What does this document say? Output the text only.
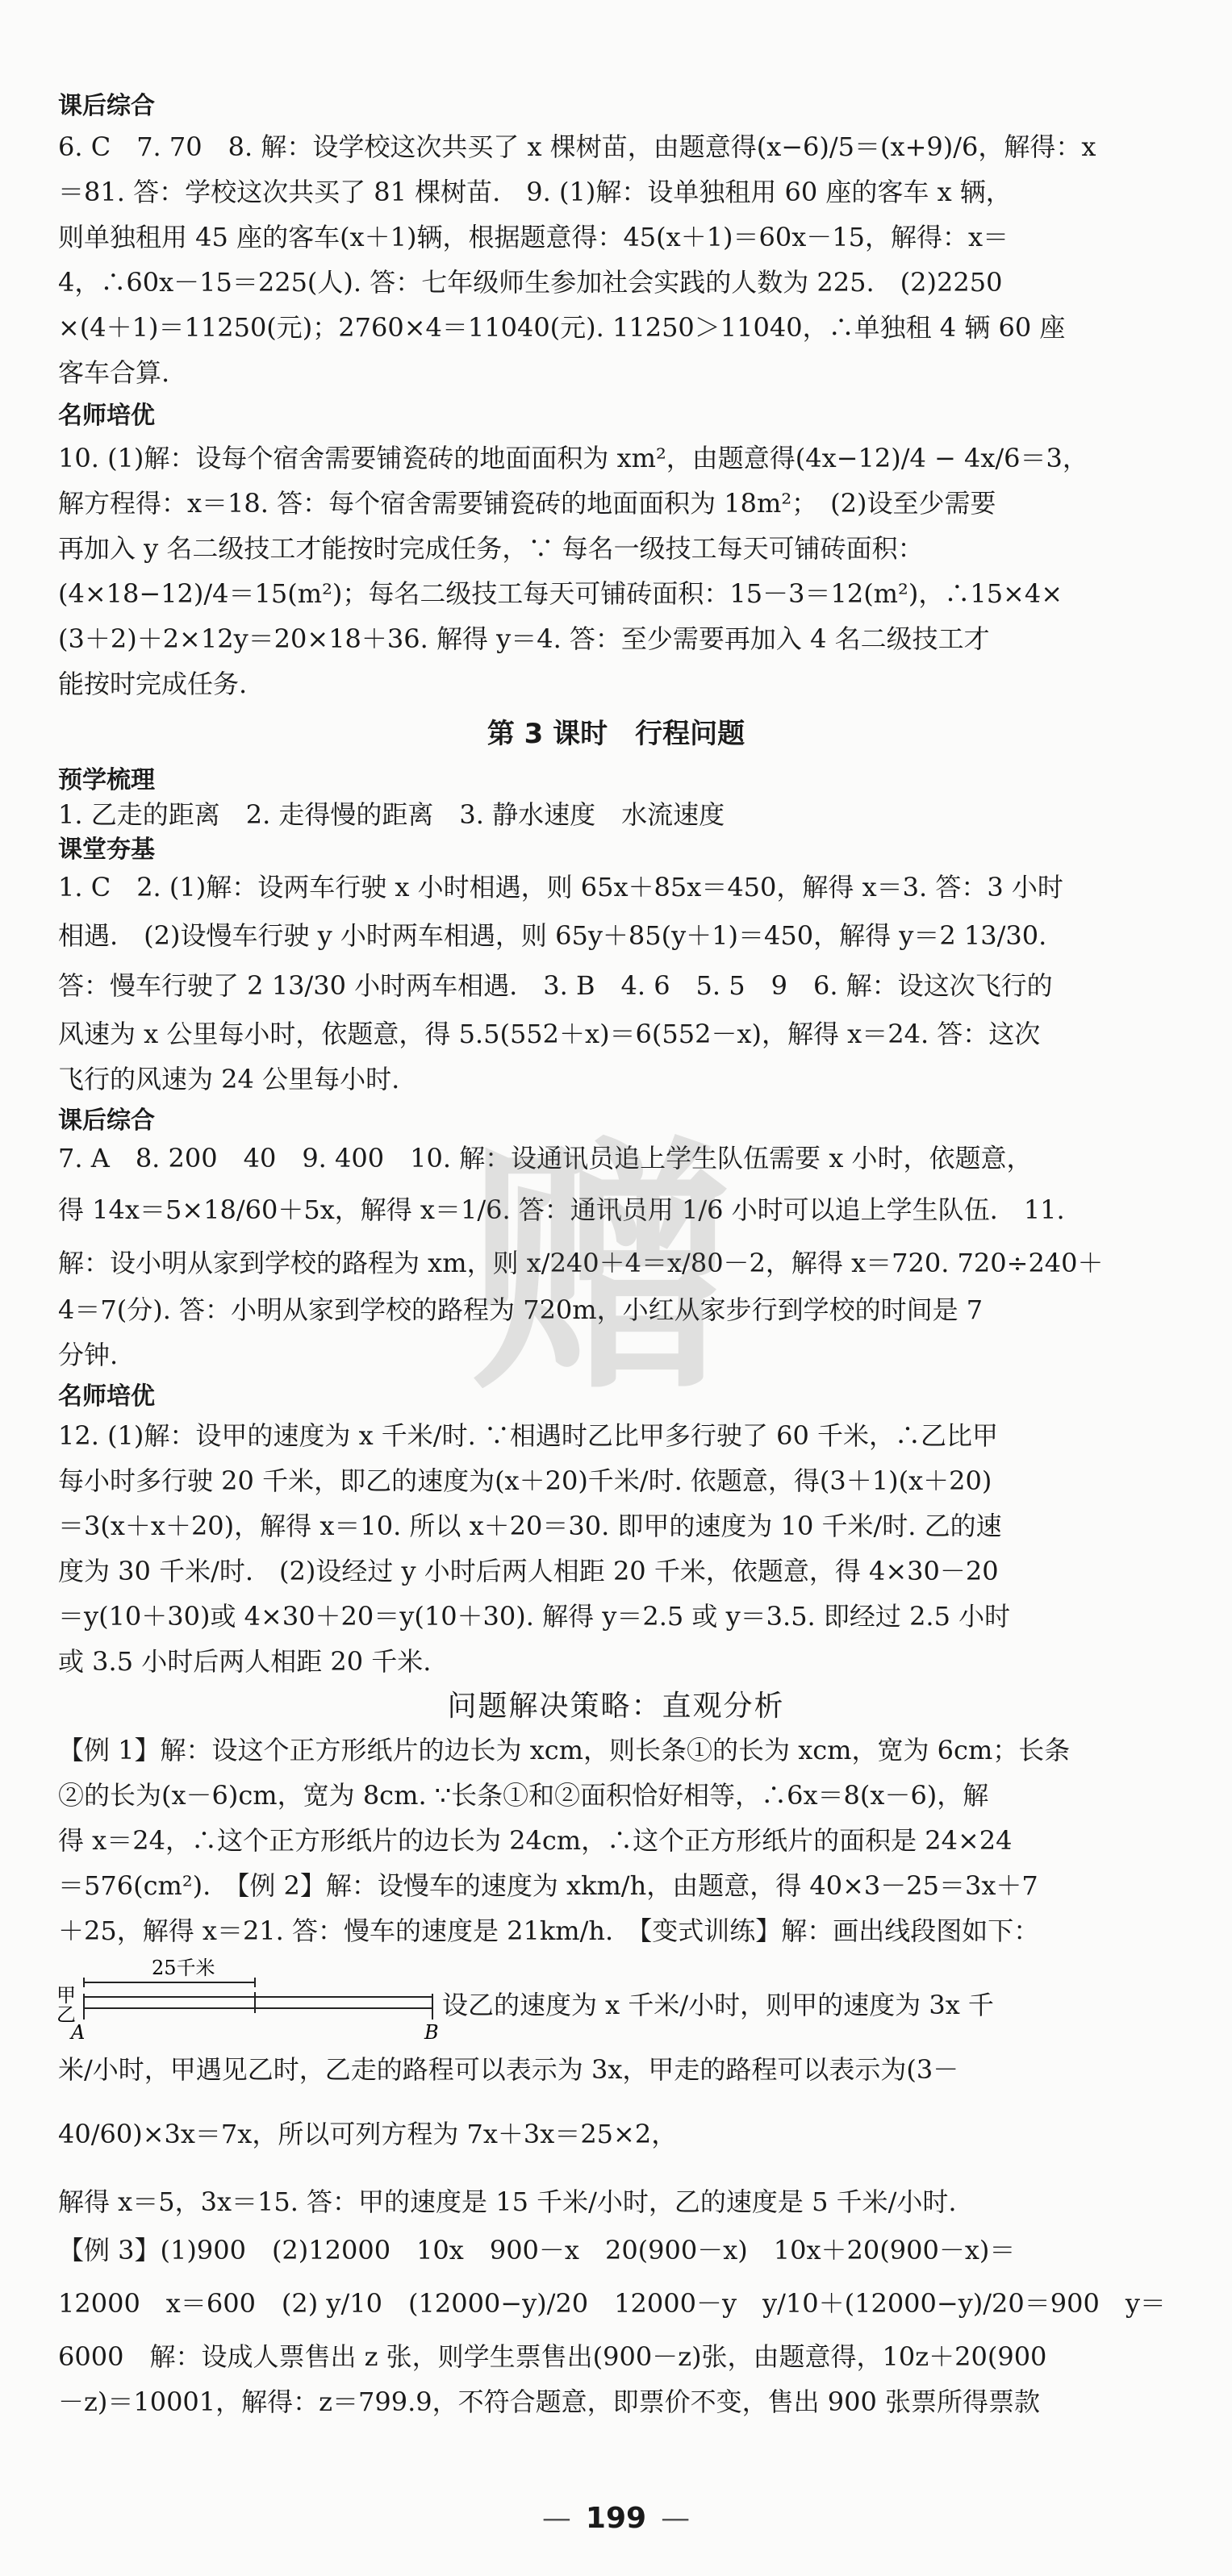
课后综合
6. C　7. 70　8. 解：设学校这次共买了 x 棵树苗，由题意得(x−6)/5＝(x+9)/6，解得：x
＝81. 答：学校这次共买了 81 棵树苗.　9. (1)解：设单独租用 60 座的客车 x 辆，
则单独租用 45 座的客车(x＋1)辆，根据题意得：45(x＋1)＝60x－15，解得：x＝
4，∴60x－15＝225(人). 答：七年级师生参加社会实践的人数为 225.　(2)2250
×(4＋1)＝11250(元)；2760×4＝11040(元). 11250＞11040，∴单独租 4 辆 60 座
客车合算.
名师培优
10. (1)解：设每个宿舍需要铺瓷砖的地面面积为 xm²，由题意得(4x−12)/4 − 4x/6＝3，
解方程得：x＝18. 答：每个宿舍需要铺瓷砖的地面面积为 18m²；　(2)设至少需要
再加入 y 名二级技工才能按时完成任务，∵ 每名一级技工每天可铺砖面积：
(4×18−12)/4＝15(m²)；每名二级技工每天可铺砖面积：15－3＝12(m²)，∴15×4×
(3＋2)＋2×12y＝20×18＋36. 解得 y＝4. 答：至少需要再加入 4 名二级技工才
能按时完成任务.
第 3 课时　行程问题
预学梳理
1. 乙走的距离　2. 走得慢的距离　3. 静水速度　水流速度
课堂夯基
1. C　2. (1)解：设两车行驶 x 小时相遇，则 65x＋85x＝450，解得 x＝3. 答：3 小时
相遇.　(2)设慢车行驶 y 小时两车相遇，则 65y＋85(y＋1)＝450，解得 y＝2 13/30.
答：慢车行驶了 2 13/30 小时两车相遇.　3. B　4. 6　5. 5　9　6. 解：设这次飞行的
风速为 x 公里每小时，依题意，得 5.5(552＋x)＝6(552－x)，解得 x＝24. 答：这次
飞行的风速为 24 公里每小时.
课后综合
7. A　8. 200　40　9. 400　10. 解：设通讯员追上学生队伍需要 x 小时，依题意，
得 14x＝5×18/60＋5x，解得 x＝1/6. 答：通讯员用 1/6 小时可以追上学生队伍.　11.
解：设小明从家到学校的路程为 xm，则 x/240＋4＝x/80－2，解得 x＝720. 720÷240＋
4＝7(分). 答：小明从家到学校的路程为 720m，小红从家步行到学校的时间是 7
分钟.
名师培优
12. (1)解：设甲的速度为 x 千米/时. ∵相遇时乙比甲多行驶了 60 千米，∴乙比甲
每小时多行驶 20 千米，即乙的速度为(x＋20)千米/时. 依题意，得(3＋1)(x＋20)
＝3(x＋x＋20)，解得 x＝10. 所以 x＋20＝30. 即甲的速度为 10 千米/时. 乙的速
度为 30 千米/时.　(2)设经过 y 小时后两人相距 20 千米，依题意，得 4×30－20
＝y(10＋30)或 4×30＋20＝y(10＋30). 解得 y＝2.5 或 y＝3.5. 即经过 2.5 小时
或 3.5 小时后两人相距 20 千米.
问题解决策略：直观分析
【例 1】解：设这个正方形纸片的边长为 xcm，则长条①的长为 xcm，宽为 6cm；长条
②的长为(x－6)cm，宽为 8cm. ∵长条①和②面积恰好相等，∴6x＝8(x－6)，解
得 x＝24，∴这个正方形纸片的边长为 24cm，∴这个正方形纸片的面积是 24×24
＝576(cm²).　【例 2】解：设慢车的速度为 xkm/h，由题意，得 40×3－25＝3x＋7
＋25，解得 x＝21. 答：慢车的速度是 21km/h.　【变式训练】解：画出线段图如下：
25千米
甲
乙
A	B
设乙的速度为 x 千米/小时，则甲的速度为 3x 千
米/小时，甲遇见乙时，乙走的路程可以表示为 3x，甲走的路程可以表示为(3－
40/60)×3x＝7x，所以可列方程为 7x＋3x＝25×2，
解得 x＝5，3x＝15. 答：甲的速度是 15 千米/小时，乙的速度是 5 千米/小时.
【例 3】(1)900　(2)12000　10x　900－x　20(900－x)　10x＋20(900－x)＝
12000　x＝600　(2) y/10　(12000−y)/20　12000－y　y/10＋(12000−y)/20＝900　y＝
6000　解：设成人票售出 z 张，则学生票售出(900－z)张，由题意得，10z＋20(900
－z)＝10001，解得：z＝799.9，不符合题意，即票价不变，售出 900 张票所得票款
赠
— 199 —
